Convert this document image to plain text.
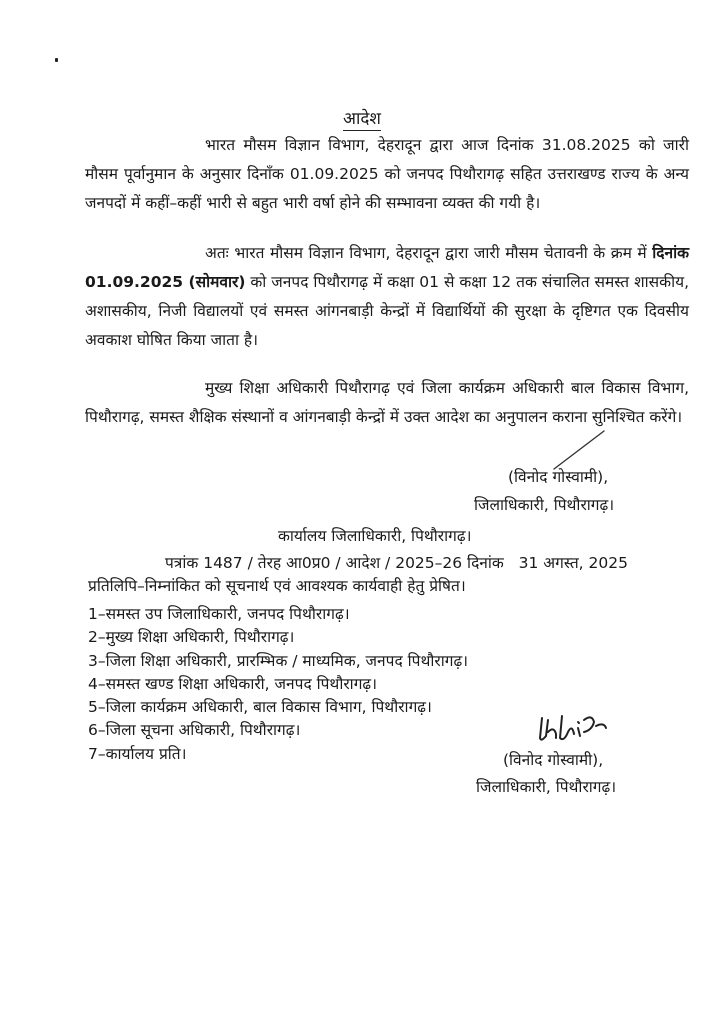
आदेश
भारत मौसम विज्ञान विभाग, देहरादून द्वारा आज दिनांक 31.08.2025 को जारी मौसम पूर्वानुमान के अनुसार दिनाँक 01.09.2025 को जनपद पिथौरागढ़ सहित उत्तराखण्ड राज्य के अन्य जनपदों में कहीं–कहीं भारी से बहुत भारी वर्षा होने की सम्भावना व्यक्त की गयी है।
अतः भारत मौसम विज्ञान विभाग, देहरादून द्वारा जारी मौसम चेतावनी के क्रम में दिनांक 01.09.2025 (सोमवार) को जनपद पिथौरागढ़ में कक्षा 01 से कक्षा 12 तक संचालित समस्त शासकीय, अशासकीय, निजी विद्यालयों एवं समस्त आंगनबाड़ी केन्द्रों में विद्यार्थियों की सुरक्षा के दृष्टिगत एक दिवसीय अवकाश घोषित किया जाता है।
मुख्य शिक्षा अधिकारी पिथौरागढ़ एवं जिला कार्यक्रम अधिकारी बाल विकास विभाग, पिथौरागढ़, समस्त शैक्षिक संस्थानों व आंगनबाड़ी केन्द्रों में उक्त आदेश का अनुपालन कराना सुनिश्चित करेंगे।
(विनोद गोस्वामी),
जिलाधिकारी, पिथौरागढ़।
कार्यालय जिलाधिकारी, पिथौरागढ़।
पत्रांक 1487 / तेरह आ0प्र0 / आदेश / 2025–26 दिनांक   31 अगस्त, 2025
प्रतिलिपि–निम्नांकित को सूचनार्थ एवं आवश्यक कार्यवाही हेतु प्रेषित।
1–समस्त उप जिलाधिकारी, जनपद पिथौरागढ़।
2–मुख्य शिक्षा अधिकारी, पिथौरागढ़।
3–जिला शिक्षा अधिकारी, प्रारम्भिक / माध्यमिक, जनपद पिथौरागढ़।
4–समस्त खण्ड शिक्षा अधिकारी, जनपद पिथौरागढ़।
5–जिला कार्यक्रम अधिकारी, बाल विकास विभाग, पिथौरागढ़।
6–जिला सूचना अधिकारी, पिथौरागढ़।
7–कार्यालय प्रति।	(विनोद गोस्वामी),
जिलाधिकारी, पिथौरागढ़।
